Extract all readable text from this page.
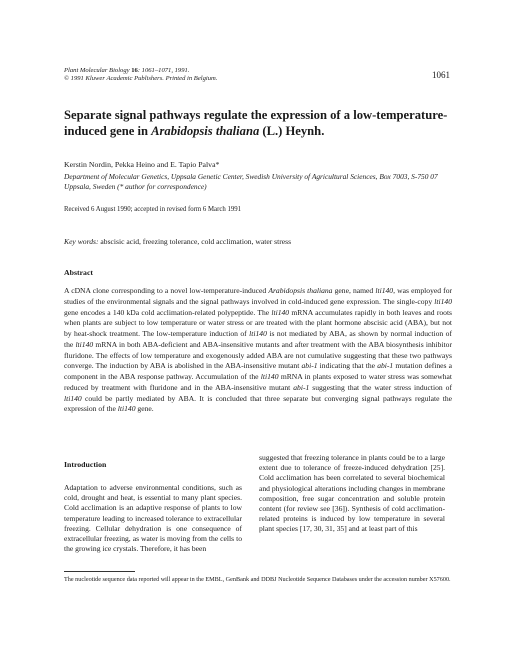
Plant Molecular Biology 16: 1061–1071, 1991.
© 1991 Kluwer Academic Publishers. Printed in Belgium.	1061
Separate signal pathways regulate the expression of a low-temperature-induced gene in Arabidopsis thaliana (L.) Heynh.
Kerstin Nordin, Pekka Heino and E. Tapio Palva*
Department of Molecular Genetics, Uppsala Genetic Center, Swedish University of Agricultural Sciences, Box 7003, S-750 07 Uppsala, Sweden (* author for correspondence)
Received 6 August 1990; accepted in revised form 6 March 1991
Key words: abscisic acid, freezing tolerance, cold acclimation, water stress
Abstract
A cDNA clone corresponding to a novel low-temperature-induced Arabidopsis thaliana gene, named lti140, was employed for studies of the environmental signals and the signal pathways involved in cold-induced gene expression. The single-copy lti140 gene encodes a 140 kDa cold acclimation-related polypeptide. The lti140 mRNA accumulates rapidly in both leaves and roots when plants are subject to low temperature or water stress or are treated with the plant hormone abscisic acid (ABA), but not by heat-shock treatment. The low-temperature induction of lti140 is not mediated by ABA, as shown by normal induction of the lti140 mRNA in both ABA-deficient and ABA-insensitive mutants and after treatment with the ABA biosynthesis inhibitor fluridone. The effects of low temperature and exogenously added ABA are not cumulative suggesting that these two pathways converge. The induction by ABA is abolished in the ABA-insensitive mutant abi-1 indicating that the abi-1 mutation defines a component in the ABA response pathway. Accumulation of the lti140 mRNA in plants exposed to water stress was somewhat reduced by treatment with fluridone and in the ABA-insensitive mutant abi-1 suggesting that the water stress induction of lti140 could be partly mediated by ABA. It is concluded that three separate but converging signal pathways regulate the expression of the lti140 gene.
Introduction
Adaptation to adverse environmental conditions, such as cold, drought and heat, is essential to many plant species. Cold acclimation is an adaptive response of plants to low temperature leading to increased tolerance to extracellular freezing. Cellular dehydration is one consequence of extracellular freezing, as water is moving from the cells to the growing ice crystals. Therefore, it has been
suggested that freezing tolerance in plants could be to a large extent due to tolerance of freeze-induced dehydration [25]. Cold acclimation has been correlated to several biochemical and physiological alterations including changes in membrane composition, free sugar concentration and soluble protein content (for review see [36]). Synthesis of cold acclimation-related proteins is induced by low temperature in several plant species [17, 30, 31, 35] and at least part of this
The nucleotide sequence data reported will appear in the EMBL, GenBank and DDBJ Nucleotide Sequence Databases under the accession number X57600.
